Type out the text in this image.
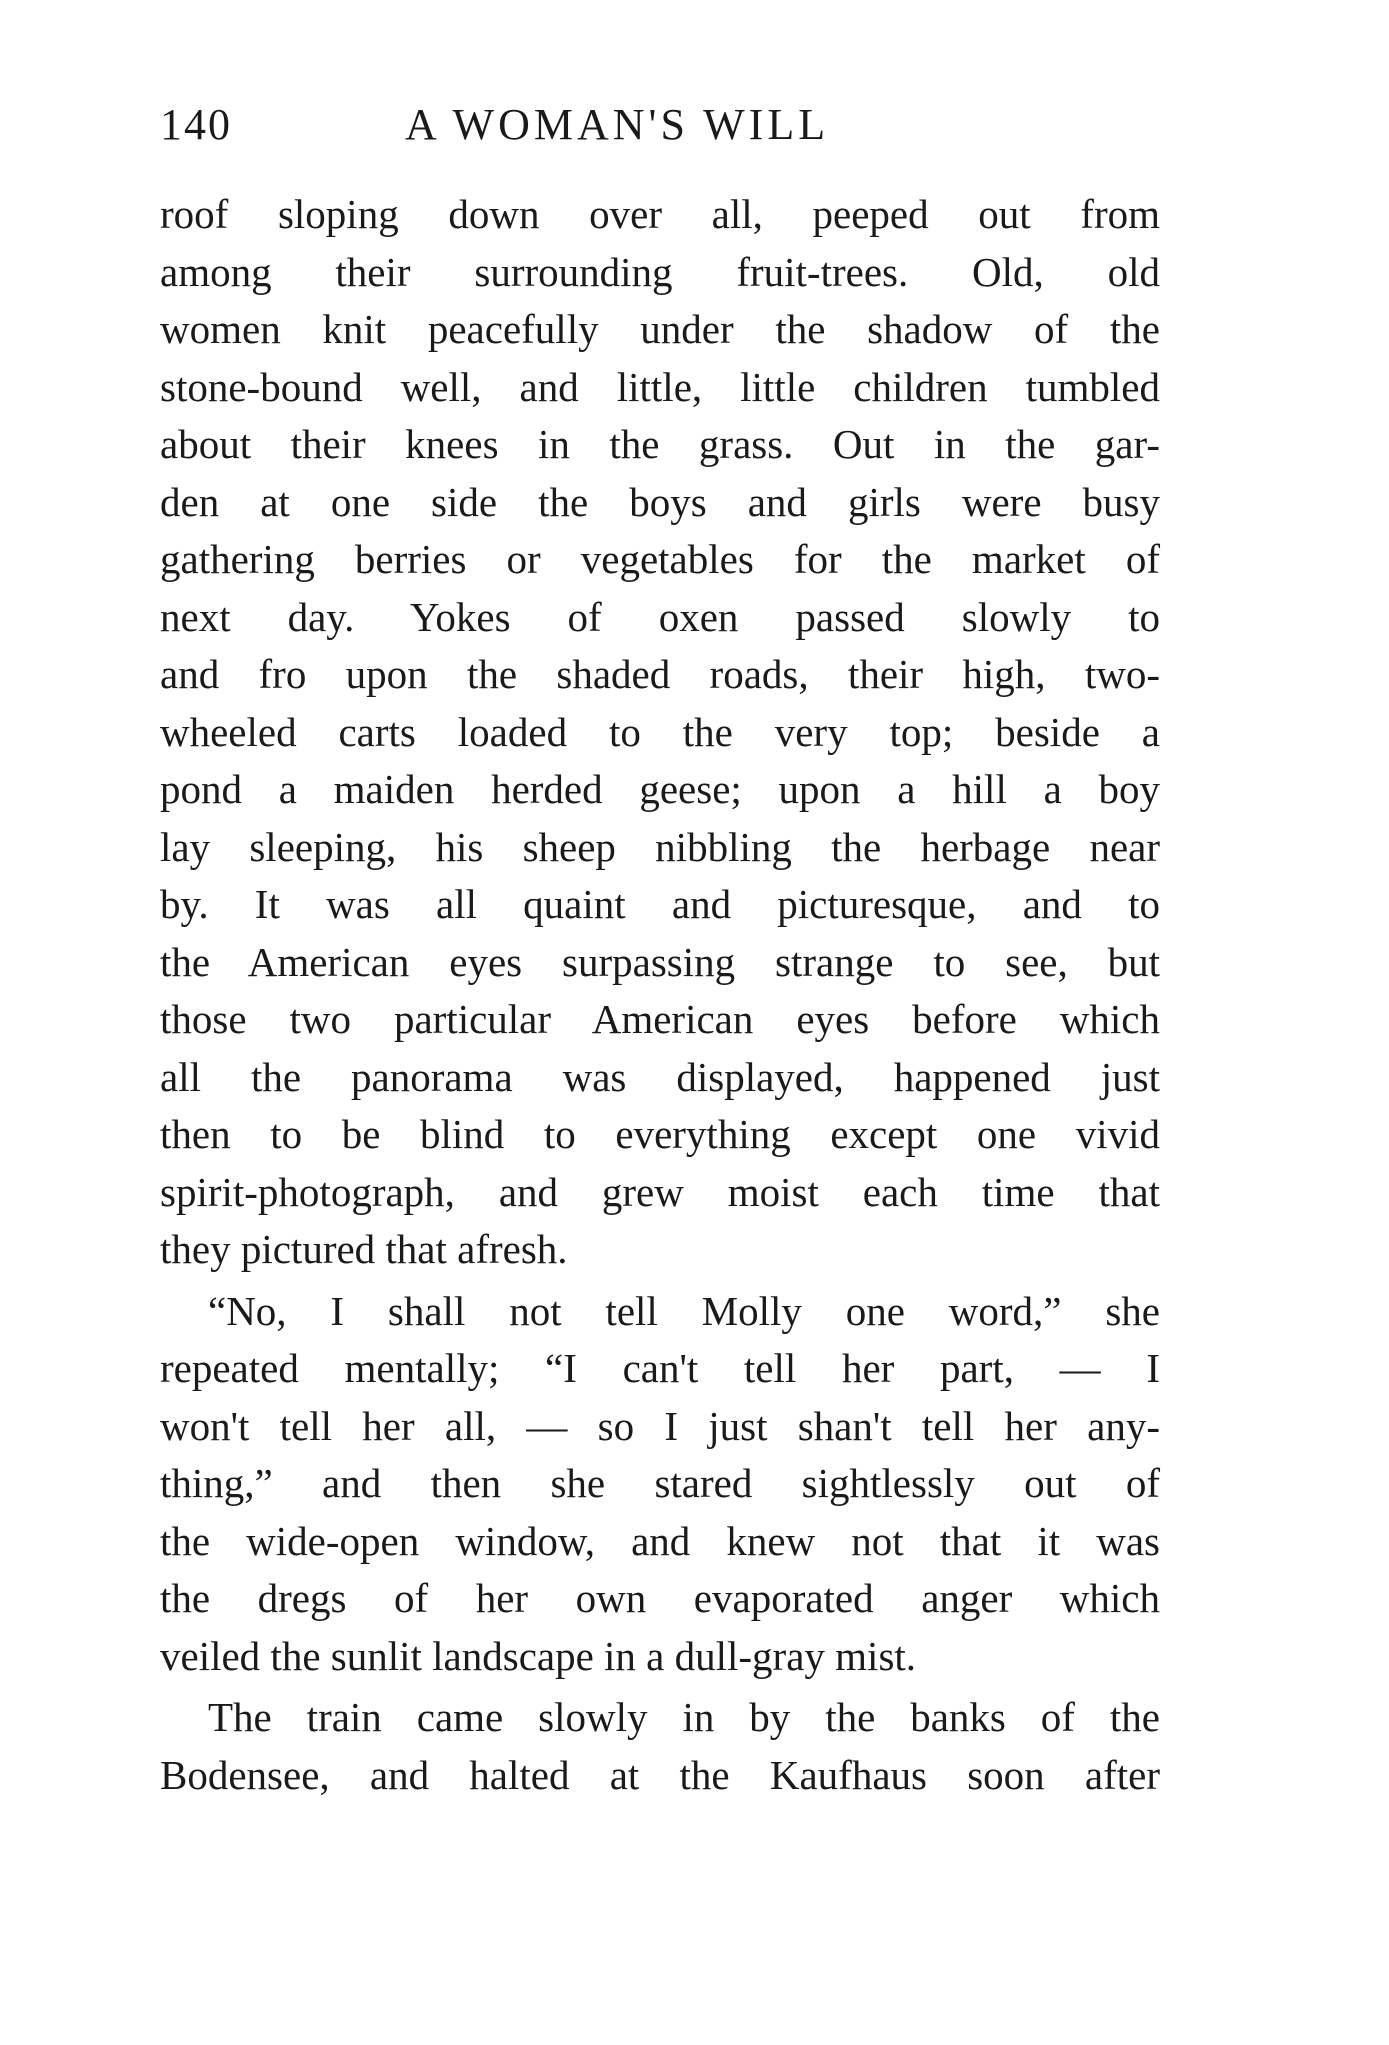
140	A WOMAN'S WILL
roof sloping down over all, peeped out from
among their surrounding fruit-trees. Old, old
women knit peacefully under the shadow of the
stone-bound well, and little, little children tumbled
about their knees in the grass. Out in the gar-
den at one side the boys and girls were busy
gathering berries or vegetables for the market of
next day. Yokes of oxen passed slowly to
and fro upon the shaded roads, their high, two-
wheeled carts loaded to the very top; beside a
pond a maiden herded geese; upon a hill a boy
lay sleeping, his sheep nibbling the herbage near
by. It was all quaint and picturesque, and to
the American eyes surpassing strange to see, but
those two particular American eyes before which
all the panorama was displayed, happened just
then to be blind to everything except one vivid
spirit-photograph, and grew moist each time that
they pictured that afresh.
“No, I shall not tell Molly one word,” she
repeated mentally; “I can't tell her part, — I
won't tell her all, — so I just shan't tell her any-
thing,” and then she stared sightlessly out of
the wide-open window, and knew not that it was
the dregs of her own evaporated anger which
veiled the sunlit landscape in a dull-gray mist.
The train came slowly in by the banks of the
Bodensee, and halted at the Kaufhaus soon after
